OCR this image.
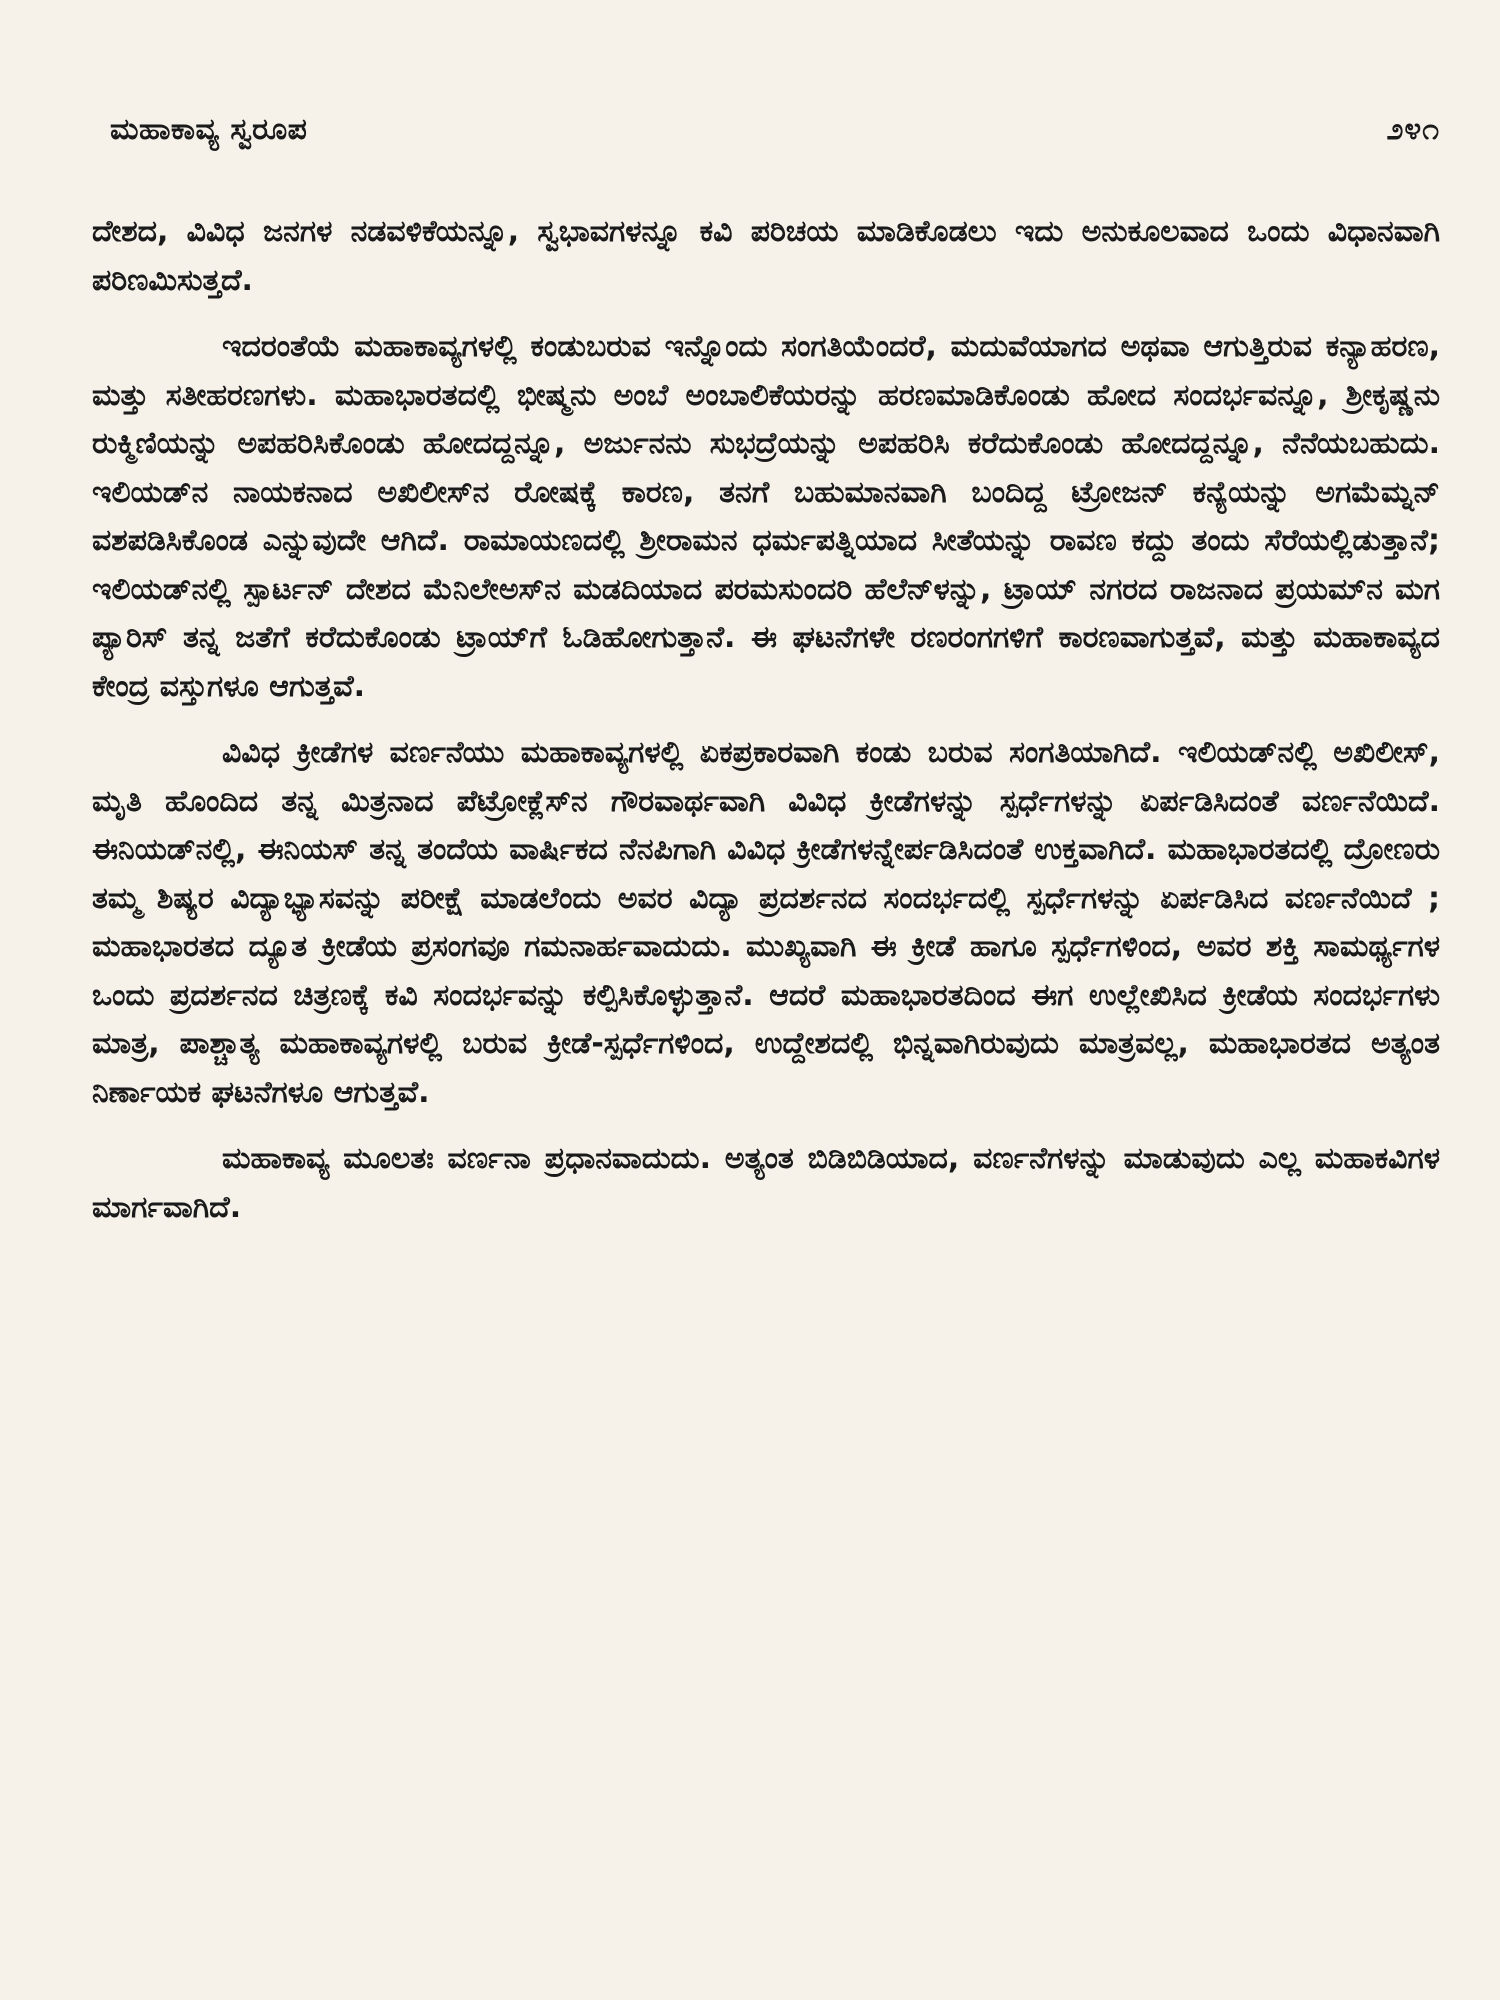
ಮಹಾಕಾವ್ಯ ಸ್ವರೂಪ	೨೪೧

ದೇಶದ, ವಿವಿಧ ಜನಗಳ ನಡವಳಿಕೆಯನ್ನೂ, ಸ್ವಭಾವಗಳನ್ನೂ ಕವಿ ಪರಿಚಯ ಮಾಡಿಕೊಡಲು ಇದು ಅನುಕೂಲವಾದ ಒಂದು ವಿಧಾನವಾಗಿ ಪರಿಣಮಿಸುತ್ತದೆ.

ಇದರಂತೆಯೆ ಮಹಾಕಾವ್ಯಗಳಲ್ಲಿ ಕಂಡುಬರುವ ಇನ್ನೊಂದು ಸಂಗತಿಯೆಂದರೆ, ಮದುವೆಯಾಗದ ಅಥವಾ ಆಗುತ್ತಿರುವ ಕನ್ಯಾಹರಣ, ಮತ್ತು ಸತೀಹರಣಗಳು. ಮಹಾಭಾರತದಲ್ಲಿ ಭೀಷ್ಮನು ಅಂಬೆ ಅಂಬಾಲಿಕೆಯರನ್ನು ಹರಣಮಾಡಿಕೊಂಡು ಹೋದ ಸಂದರ್ಭವನ್ನೂ, ಶ್ರೀಕೃಷ್ಣನು ರುಕ್ಮಿಣಿಯನ್ನು ಅಪಹರಿಸಿಕೊಂಡು ಹೋದದ್ದನ್ನೂ, ಅರ್ಜುನನು ಸುಭದ್ರೆಯನ್ನು ಅಪಹರಿಸಿ ಕರೆದುಕೊಂಡು ಹೋದದ್ದನ್ನೂ, ನೆನೆಯಬಹುದು. ಇಲಿಯಡ್‌ನ ನಾಯಕನಾದ ಅಖಿಲೀಸ್‌ನ ರೋಷಕ್ಕೆ ಕಾರಣ, ತನಗೆ ಬಹುಮಾನವಾಗಿ ಬಂದಿದ್ದ ಟ್ರೋಜನ್ ಕನ್ಯೆಯನ್ನು ಅಗಮೆಮ್ನನ್ ವಶಪಡಿಸಿಕೊಂಡ ಎನ್ನುವುದೇ ಆಗಿದೆ. ರಾಮಾಯಣದಲ್ಲಿ ಶ್ರೀರಾಮನ ಧರ್ಮಪತ್ನಿಯಾದ ಸೀತೆಯನ್ನು ರಾವಣ ಕದ್ದು ತಂದು ಸೆರೆಯಲ್ಲಿಡುತ್ತಾನೆ; ಇಲಿಯಡ್‌ನಲ್ಲಿ ಸ್ಪಾರ್ಟನ್ ದೇಶದ ಮೆನಿಲೇಅಸ್‌ನ ಮಡದಿಯಾದ ಪರಮಸುಂದರಿ ಹೆಲೆನ್‌ಳನ್ನು, ಟ್ರಾಯ್ ನಗರದ ರಾಜನಾದ ಪ್ರಯಮ್‌ನ ಮಗ ಪ್ಯಾರಿಸ್ ತನ್ನ ಜತೆಗೆ ಕರೆದುಕೊಂಡು ಟ್ರಾಯ್‌ಗೆ ಓಡಿಹೋಗುತ್ತಾನೆ. ಈ ಘಟನೆಗಳೇ ರಣರಂಗಗಳಿಗೆ ಕಾರಣವಾಗುತ್ತವೆ, ಮತ್ತು ಮಹಾಕಾವ್ಯದ ಕೇಂದ್ರ ವಸ್ತುಗಳೂ ಆಗುತ್ತವೆ.

ವಿವಿಧ ಕ್ರೀಡೆಗಳ ವರ್ಣನೆಯು ಮಹಾಕಾವ್ಯಗಳಲ್ಲಿ ಏಕಪ್ರಕಾರವಾಗಿ ಕಂಡು ಬರುವ ಸಂಗತಿಯಾಗಿದೆ. ಇಲಿಯಡ್‌ನಲ್ಲಿ ಅಖಿಲೀಸ್, ಮೃತಿ ಹೊಂದಿದ ತನ್ನ ಮಿತ್ರನಾದ ಪೆಟ್ರೋಕ್ಲೆಸ್‌ನ ಗೌರವಾರ್ಥವಾಗಿ ವಿವಿಧ ಕ್ರೀಡೆಗಳನ್ನು ಸ್ಪರ್ಧೆಗಳನ್ನು ಏರ್ಪಡಿಸಿದಂತೆ ವರ್ಣನೆಯಿದೆ. ಈನಿಯಡ್‌ನಲ್ಲಿ, ಈನಿಯಸ್ ತನ್ನ ತಂದೆಯ ವಾರ್ಷಿಕದ ನೆನಪಿಗಾಗಿ ವಿವಿಧ ಕ್ರೀಡೆಗಳನ್ನೇರ್ಪಡಿಸಿದಂತೆ ಉಕ್ತವಾಗಿದೆ. ಮಹಾಭಾರತದಲ್ಲಿ ದ್ರೋಣರು ತಮ್ಮ ಶಿಷ್ಯರ ವಿದ್ಯಾಭ್ಯಾಸವನ್ನು ಪರೀಕ್ಷೆ ಮಾಡಲೆಂದು ಅವರ ವಿದ್ಯಾ ಪ್ರದರ್ಶನದ ಸಂದರ್ಭದಲ್ಲಿ ಸ್ಪರ್ಧೆಗಳನ್ನು ಏರ್ಪಡಿಸಿದ ವರ್ಣನೆಯಿದೆ ; ಮಹಾಭಾರತದ ದ್ಯೂತ ಕ್ರೀಡೆಯ ಪ್ರಸಂಗವೂ ಗಮನಾರ್ಹವಾದುದು. ಮುಖ್ಯವಾಗಿ ಈ ಕ್ರೀಡೆ ಹಾಗೂ ಸ್ಪರ್ಧೆಗಳಿಂದ, ಅವರ ಶಕ್ತಿ ಸಾಮರ್ಥ್ಯಗಳ ಒಂದು ಪ್ರದರ್ಶನದ ಚಿತ್ರಣಕ್ಕೆ ಕವಿ ಸಂದರ್ಭವನ್ನು ಕಲ್ಪಿಸಿಕೊಳ್ಳುತ್ತಾನೆ. ಆದರೆ ಮಹಾಭಾರತದಿಂದ ಈಗ ಉಲ್ಲೇಖಿಸಿದ ಕ್ರೀಡೆಯ ಸಂದರ್ಭಗಳು ಮಾತ್ರ, ಪಾಶ್ಚಾತ್ಯ ಮಹಾಕಾವ್ಯಗಳಲ್ಲಿ ಬರುವ ಕ್ರೀಡೆ-ಸ್ಪರ್ಧೆಗಳಿಂದ, ಉದ್ದೇಶದಲ್ಲಿ ಭಿನ್ನವಾಗಿರುವುದು ಮಾತ್ರವಲ್ಲ, ಮಹಾಭಾರತದ ಅತ್ಯಂತ ನಿರ್ಣಾಯಕ ಘಟನೆಗಳೂ ಆಗುತ್ತವೆ.

ಮಹಾಕಾವ್ಯ ಮೂಲತಃ ವರ್ಣನಾ ಪ್ರಧಾನವಾದುದು. ಅತ್ಯಂತ ಬಿಡಿಬಿಡಿಯಾದ, ವರ್ಣನೆಗಳನ್ನು ಮಾಡುವುದು ಎಲ್ಲ ಮಹಾಕವಿಗಳ ಮಾರ್ಗವಾಗಿದೆ.
